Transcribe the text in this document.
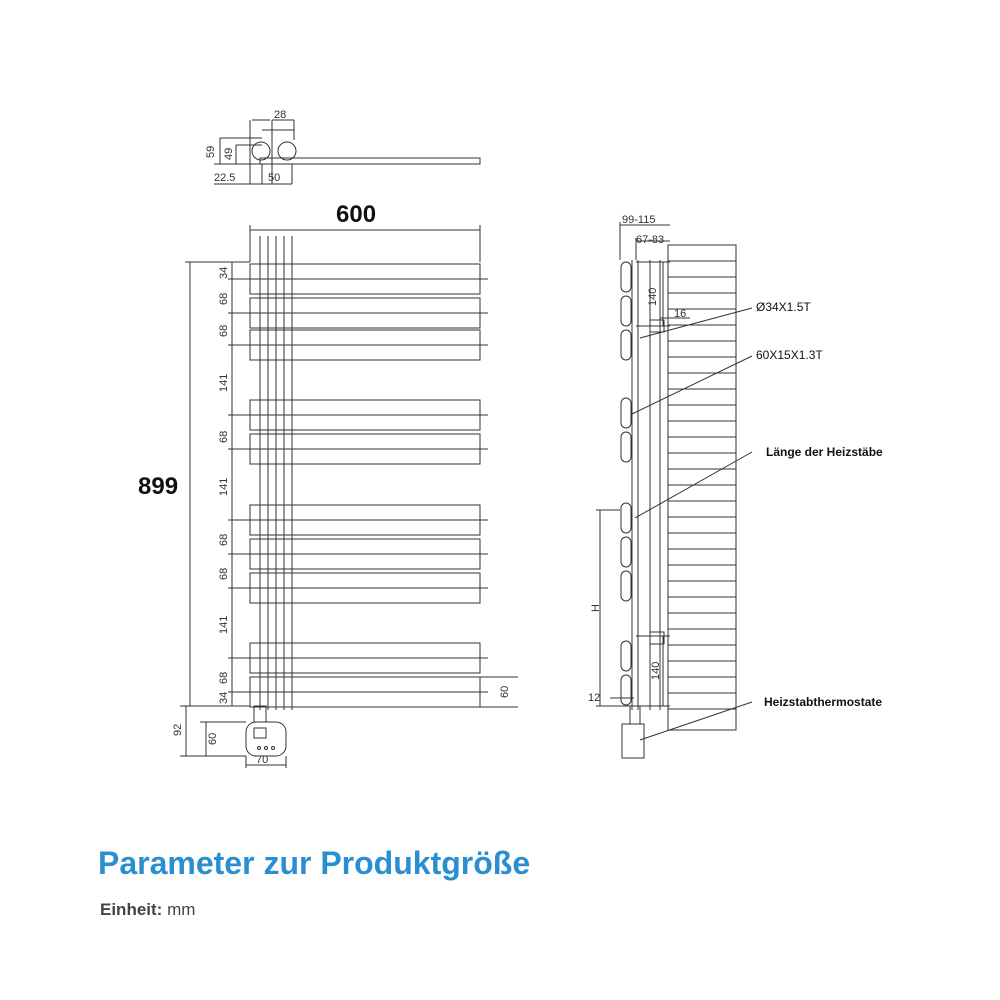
28
59 49
22.5	50
600
899
34
68
68
141
68
141
68
68
141
68
34	60
92
60
70
99-115
67-83
140
16
H
140
12
Ø34X1.5T
60X15X1.3T
Länge der Heizstäbe
Heizstabthermostate
Parameter zur Produktgröße
Einheit: mm
